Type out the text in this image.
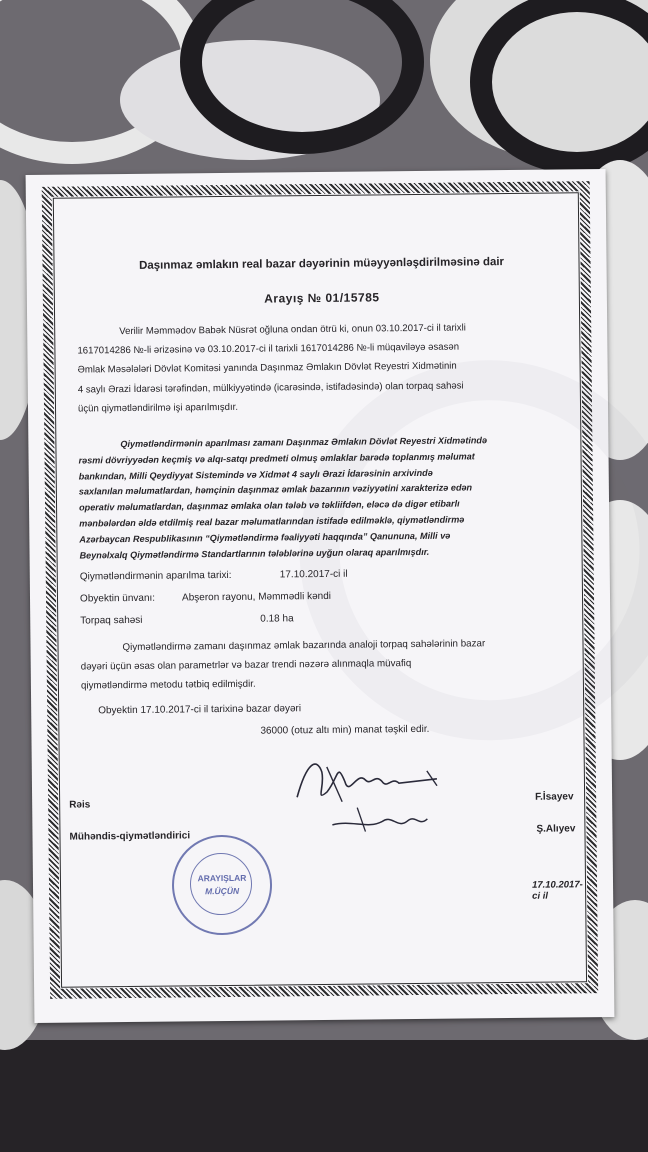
Daşınmaz əmlakın real bazar dəyərinin müəyyənləşdirilməsinə dair
Arayış № 01/15785
Verilir Məmmədov Babək Nüsrət oğluna ondan ötrü ki, onun 03.10.2017-ci il tarixli
1617014286 №-li ərizəsinə və 03.10.2017-ci il tarixli 1617014286 №-li müqaviləyə əsasən
Əmlak Məsələləri Dövlət Komitəsi yanında Daşınmaz Əmlakın Dövlət Reyestri Xidmətinin
4 saylı Ərazi İdarəsi tərəfindən, mülkiyyətində (icarəsində, istifadəsində) olan torpaq sahəsi
üçün qiymətləndirilmə işi aparılmışdır.
Qiymətləndirmənin aparılması zamanı Daşınmaz Əmlakın Dövlət Reyestri Xidmətində
rəsmi dövriyyədən keçmiş və alqı-satqı predmeti olmuş əmlaklar barədə toplanmış məlumat
bankından, Milli Qeydiyyat Sistemində və Xidmət 4 saylı Ərazi İdarəsinin arxivində
saxlanılan məlumatlardan, həmçinin daşınmaz əmlak bazarının vəziyyətini xarakterizə edən
operativ məlumatlardan, daşınmaz əmlaka olan tələb və təkliifdən, eləcə də digər etibarlı
mənbələrdən əldə etdilmiş real bazar məlumatlarından istifadə edilməklə, qiymətləndirmə
Azərbaycan Respublikasının “Qiymətləndirmə fəaliyyəti haqqında” Qanununa, Milli və
Beynəlxalq Qiymətləndirmə Standartlarının tələblərinə uyğun olaraq aparılmışdır.
Qiymətləndirmənin aparılma tarixi:	17.10.2017-ci il
Obyektin ünvanı:	Abşeron rayonu, Məmmədli kəndi
Torpaq sahəsi	0.18 ha
Qiymətləndirmə zamanı daşınmaz əmlak bazarında analoji torpaq sahələrinin bazar
dəyəri üçün əsas olan parametrlər və bazar trendi nəzərə alınmaqla müvafiq
qiymətləndirmə metodu tətbiq edilmişdir.
Obyektin 17.10.2017-ci il tarixinə bazar dəyəri
36000 (otuz altı min) manat təşkil edir.
Rəis
F.İsayev
Mühəndis-qiymətləndirici
Ş.Alıyev
17.10.2017-ci il
ARAYIŞLAR
M.ÜÇÜN
